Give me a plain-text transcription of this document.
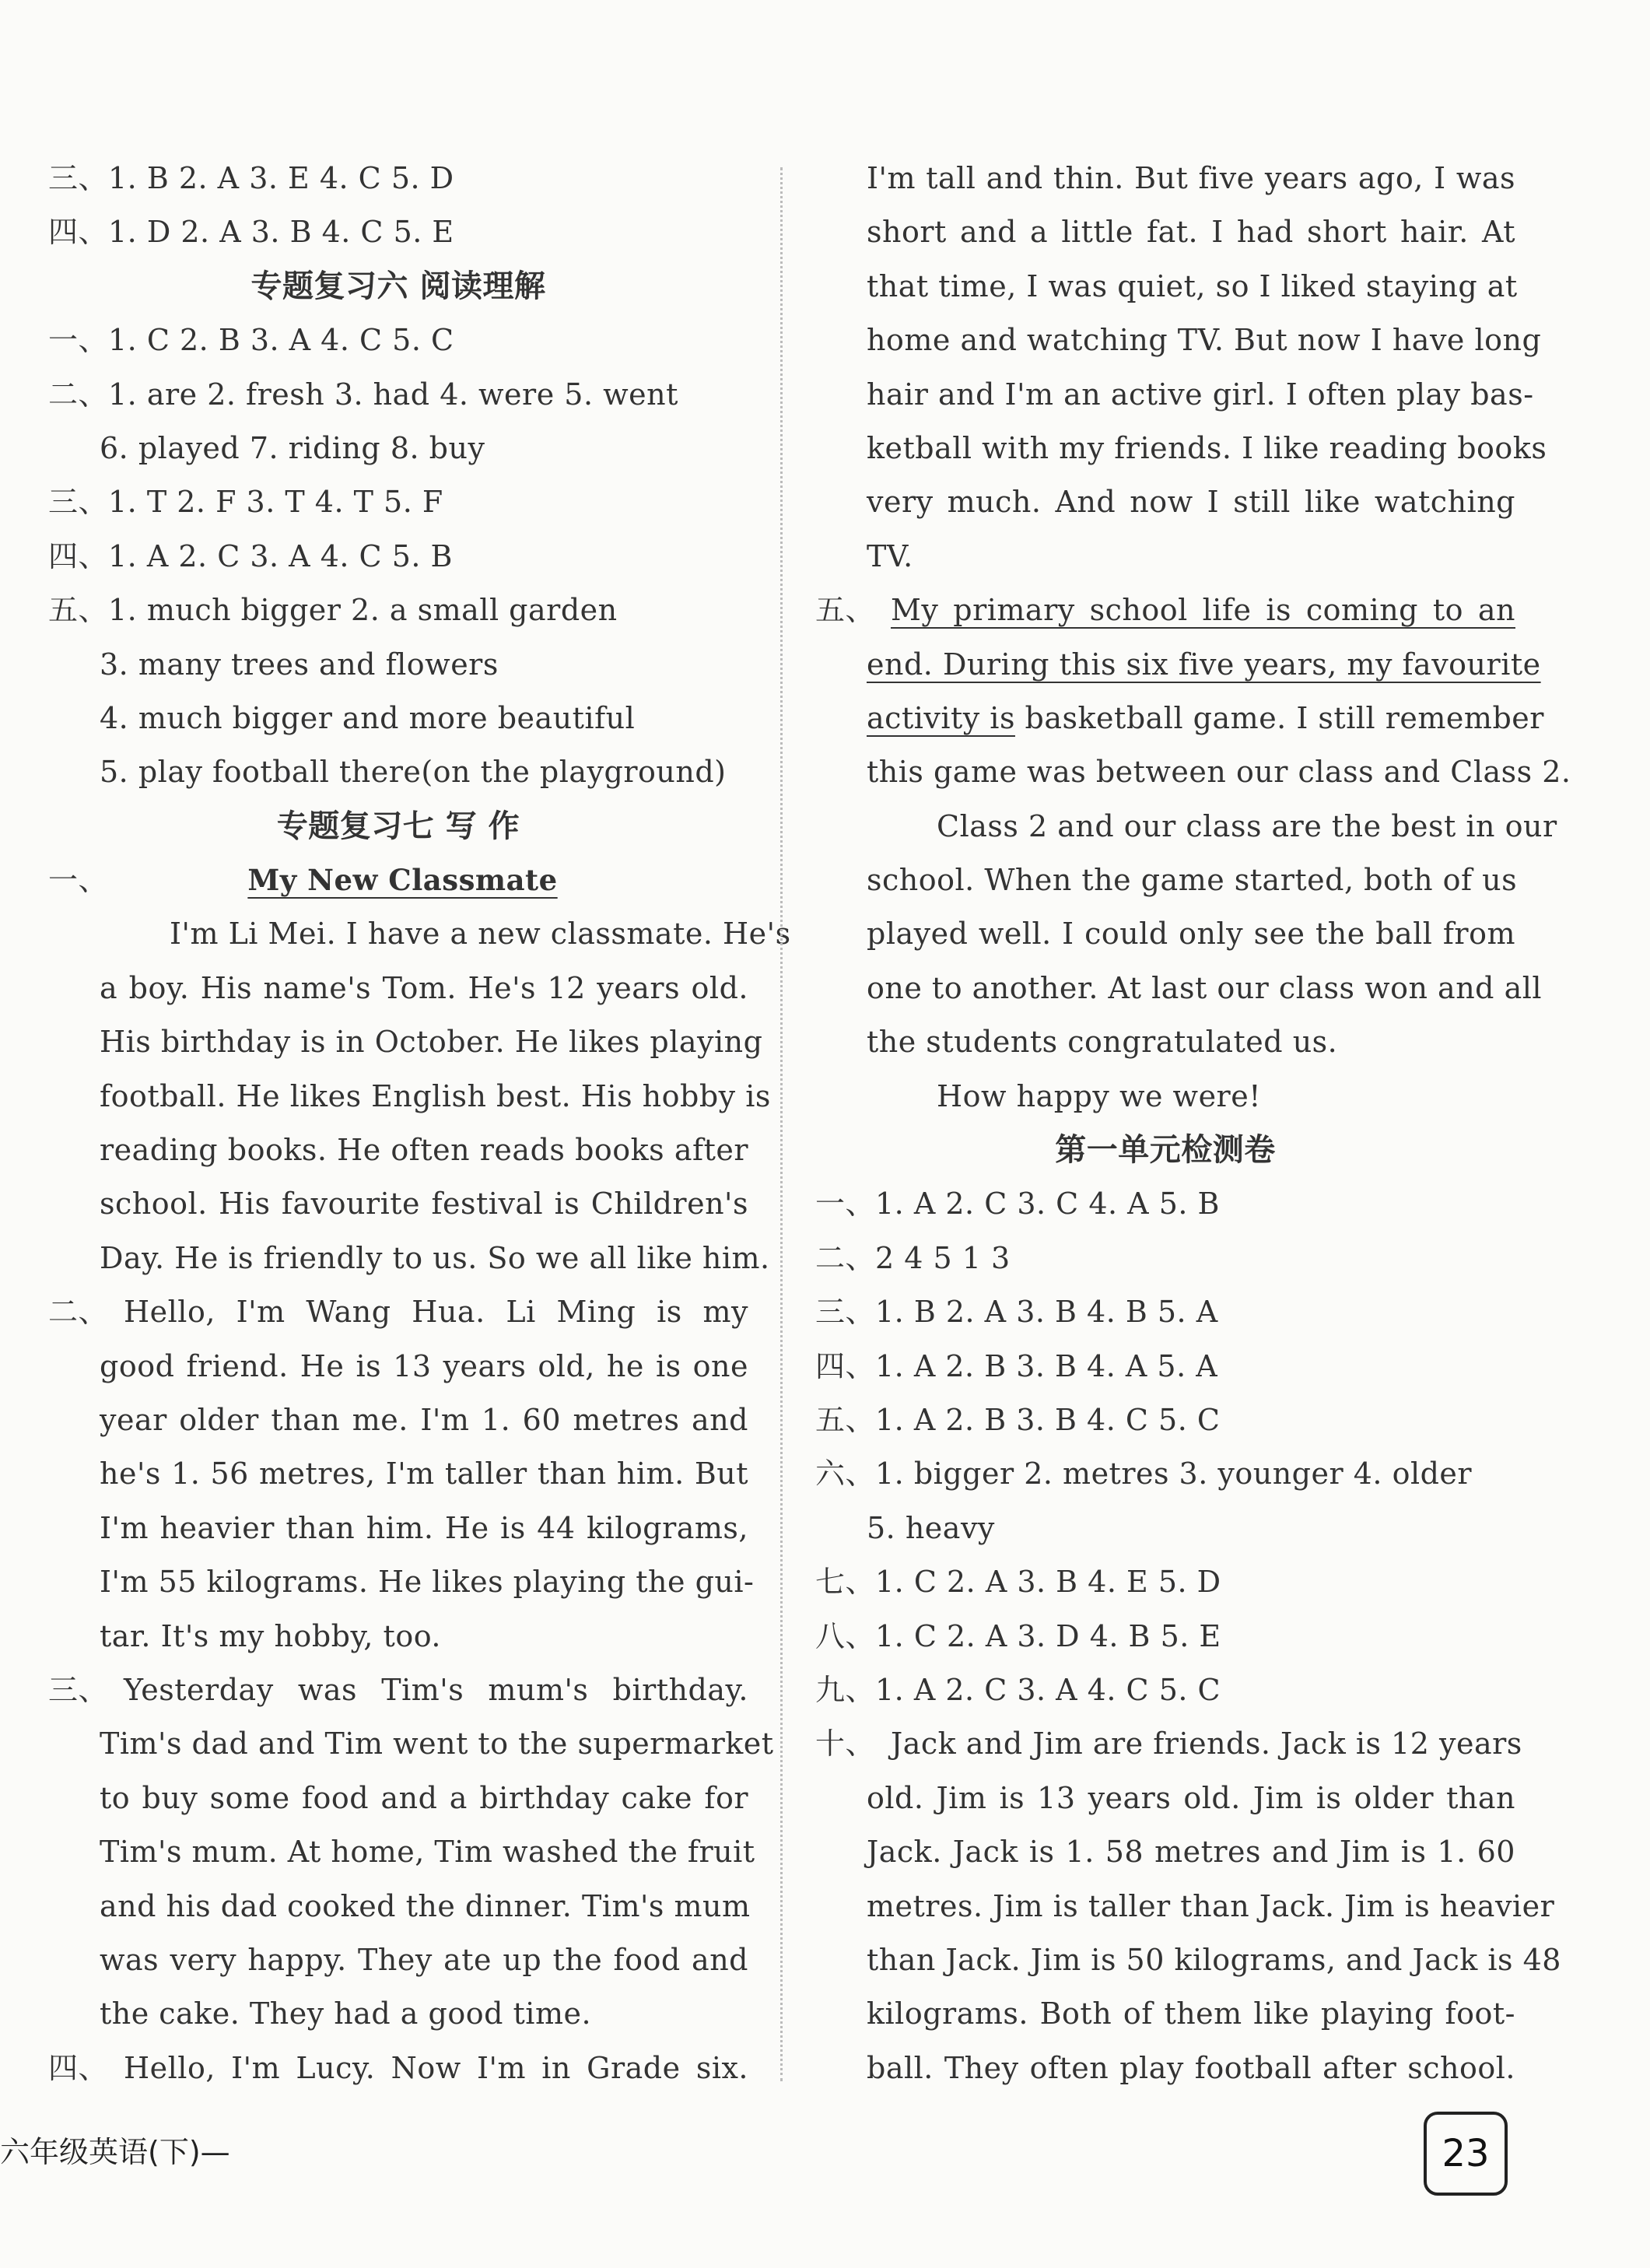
三、1. B 2. A 3. E 4. C 5. D
四、1. D 2. A 3. B 4. C 5. E
专题复习六 阅读理解
一、1. C 2. B 3. A 4. C 5. C
二、1. are 2. fresh 3. had 4. were 5. went
6. played 7. riding 8. buy
三、1. T 2. F 3. T 4. T 5. F
四、1. A 2. C 3. A 4. C 5. B
五、1. much bigger 2. a small garden
3. many trees and flowers
4. much bigger and more beautiful
5. play football there(on the playground)
专题复习七 写 作
一、	My New Classmate
I'm Li Mei. I have a new classmate. He's
a boy. His name's Tom. He's 12 years old.
His birthday is in October. He likes playing
football. He likes English best. His hobby is
reading books. He often reads books after
school. His favourite festival is Children's
Day. He is friendly to us. So we all like him.
二、 Hello, I'm Wang Hua. Li Ming is my
good friend. He is 13 years old, he is one
year older than me. I'm 1. 60 metres and
he's 1. 56 metres, I'm taller than him. But
I'm heavier than him. He is 44 kilograms,
I'm 55 kilograms. He likes playing the gui-
tar. It's my hobby, too.
三、 Yesterday was Tim's mum's birthday.
Tim's dad and Tim went to the supermarket
to buy some food and a birthday cake for
Tim's mum. At home, Tim washed the fruit
and his dad cooked the dinner. Tim's mum
was very happy. They ate up the food and
the cake. They had a good time.
四、 Hello, I'm Lucy. Now I'm in Grade six.
I'm tall and thin. But five years ago, I was
short and a little fat. I had short hair. At
that time, I was quiet, so I liked staying at
home and watching TV. But now I have long
hair and I'm an active girl. I often play bas-
ketball with my friends. I like reading books
very much. And now I still like watching
TV.
五、 My primary school life is coming to an
end. During this six five years, my favourite
activity is basketball game. I still remember
this game was between our class and Class 2.
Class 2 and our class are the best in our
school. When the game started, both of us
played well. I could only see the ball from
one to another. At last our class won and all
the students congratulated us.
How happy we were!
第一单元检测卷
一、1. A 2. C 3. C 4. A 5. B
二、2 4 5 1 3
三、1. B 2. A 3. B 4. B 5. A
四、1. A 2. B 3. B 4. A 5. A
五、1. A 2. B 3. B 4. C 5. C
六、1. bigger 2. metres 3. younger 4. older
5. heavy
七、1. C 2. A 3. B 4. E 5. D
八、1. C 2. A 3. D 4. B 5. E
九、1. A 2. C 3. A 4. C 5. C
十、 Jack and Jim are friends. Jack is 12 years
old. Jim is 13 years old. Jim is older than
Jack. Jack is 1. 58 metres and Jim is 1. 60
metres. Jim is taller than Jack. Jim is heavier
than Jack. Jim is 50 kilograms, and Jack is 48
kilograms. Both of them like playing foot-
ball. They often play football after school.
六年级英语(下)—	23
